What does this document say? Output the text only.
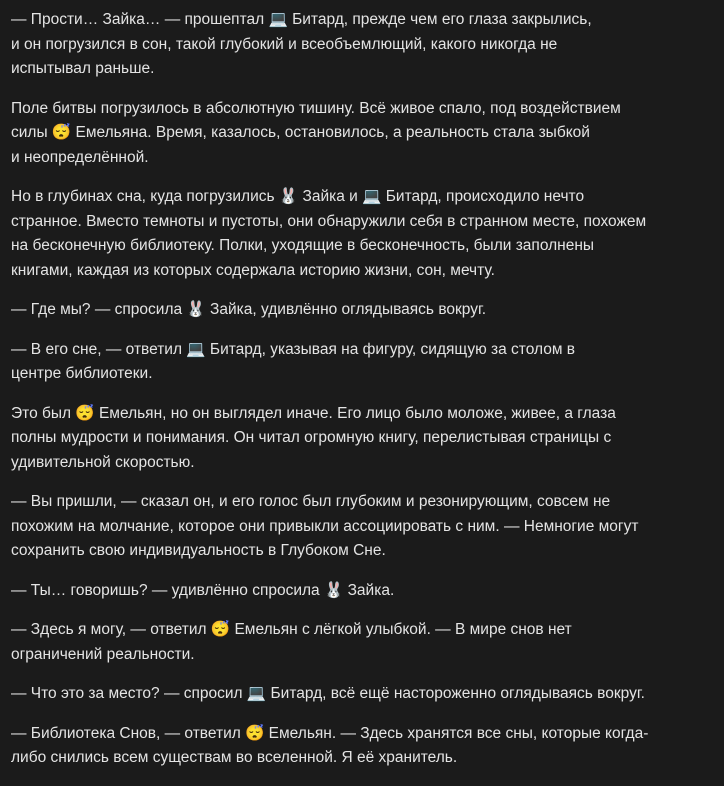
— Прости… Зайка… — прошептал 💻 Битард, прежде чем его глаза закрылись,
и он погрузился в сон, такой глубокий и всеобъемлющий, какого никогда не
испытывал раньше.

Поле битвы погрузилось в абсолютную тишину. Всё живое спало, под воздействием
силы 😴 Емельяна. Время, казалось, остановилось, а реальность стала зыбкой
и неопределённой.

Но в глубинах сна, куда погрузились 🐰 Зайка и 💻 Битард, происходило нечто
странное. Вместо темноты и пустоты, они обнаружили себя в странном месте, похожем
на бесконечную библиотеку. Полки, уходящие в бесконечность, были заполнены
книгами, каждая из которых содержала историю жизни, сон, мечту.

— Где мы? — спросила 🐰 Зайка, удивлённо оглядываясь вокруг.

— В его сне, — ответил 💻 Битард, указывая на фигуру, сидящую за столом в
центре библиотеки.

Это был 😴 Емельян, но он выглядел иначе. Его лицо было моложе, живее, а глаза
полны мудрости и понимания. Он читал огромную книгу, перелистывая страницы с
удивительной скоростью.

— Вы пришли, — сказал он, и его голос был глубоким и резонирующим, совсем не
похожим на молчание, которое они привыкли ассоциировать с ним. — Немногие могут
сохранить свою индивидуальность в Глубоком Сне.

— Ты… говоришь? — удивлённо спросила 🐰 Зайка.

— Здесь я могу, — ответил 😴 Емельян с лёгкой улыбкой. — В мире снов нет
ограничений реальности.

— Что это за место? — спросил 💻 Битард, всё ещё настороженно оглядываясь вокруг.

— Библиотека Снов, — ответил 😴 Емельян. — Здесь хранятся все сны, которые когда-
либо снились всем существам во вселенной. Я её хранитель.
